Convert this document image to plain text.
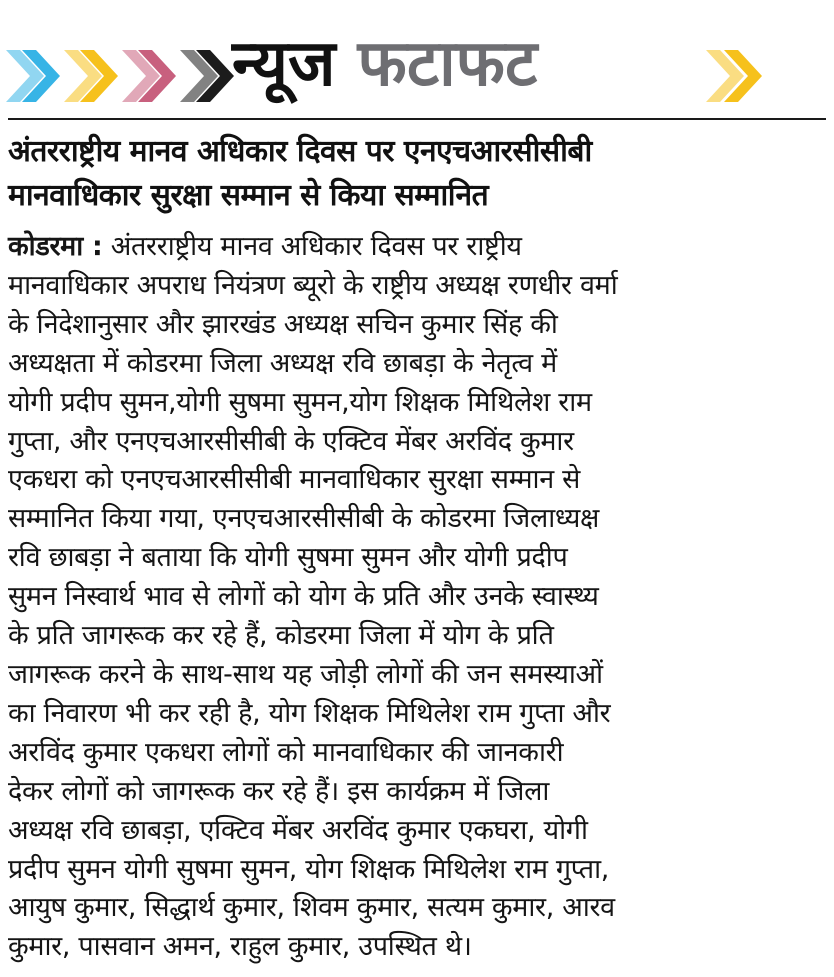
न्यूज फटाफट
अंतरराष्ट्रीय मानव अधिकार दिवस पर एनएचआरसीसीबी
मानवाधिकार सुरक्षा सम्मान से किया सम्मानित
कोडरमा : अंतरराष्ट्रीय मानव अधिकार दिवस पर राष्ट्रीय
मानवाधिकार अपराध नियंत्रण ब्यूरो के राष्ट्रीय अध्यक्ष रणधीर वर्मा
के निदेशानुसार और झारखंड अध्यक्ष सचिन कुमार सिंह की
अध्यक्षता में कोडरमा जिला अध्यक्ष रवि छाबड़ा के नेतृत्व में
योगी प्रदीप सुमन,योगी सुषमा सुमन,योग शिक्षक मिथिलेश राम
गुप्ता, और एनएचआरसीसीबी के एक्टिव मेंबर अरविंद कुमार
एकधरा को एनएचआरसीसीबी मानवाधिकार सुरक्षा सम्मान से
सम्मानित किया गया, एनएचआरसीसीबी के कोडरमा जिलाध्यक्ष
रवि छाबड़ा ने बताया कि योगी सुषमा सुमन और योगी प्रदीप
सुमन निस्वार्थ भाव से लोगों को योग के प्रति और उनके स्वास्थ्य
के प्रति जागरूक कर रहे हैं, कोडरमा जिला में योग के प्रति
जागरूक करने के साथ-साथ यह जोड़ी लोगों की जन समस्याओं
का निवारण भी कर रही है, योग शिक्षक मिथिलेश राम गुप्ता और
अरविंद कुमार एकधरा लोगों को मानवाधिकार की जानकारी
देकर लोगों को जागरूक कर रहे हैं। इस कार्यक्रम में जिला
अध्यक्ष रवि छाबड़ा, एक्टिव मेंबर अरविंद कुमार एकघरा, योगी
प्रदीप सुमन योगी सुषमा सुमन, योग शिक्षक मिथिलेश राम गुप्ता,
आयुष कुमार, सिद्धार्थ कुमार, शिवम कुमार, सत्यम कुमार, आरव
कुमार, पासवान अमन, राहुल कुमार, उपस्थित थे।
